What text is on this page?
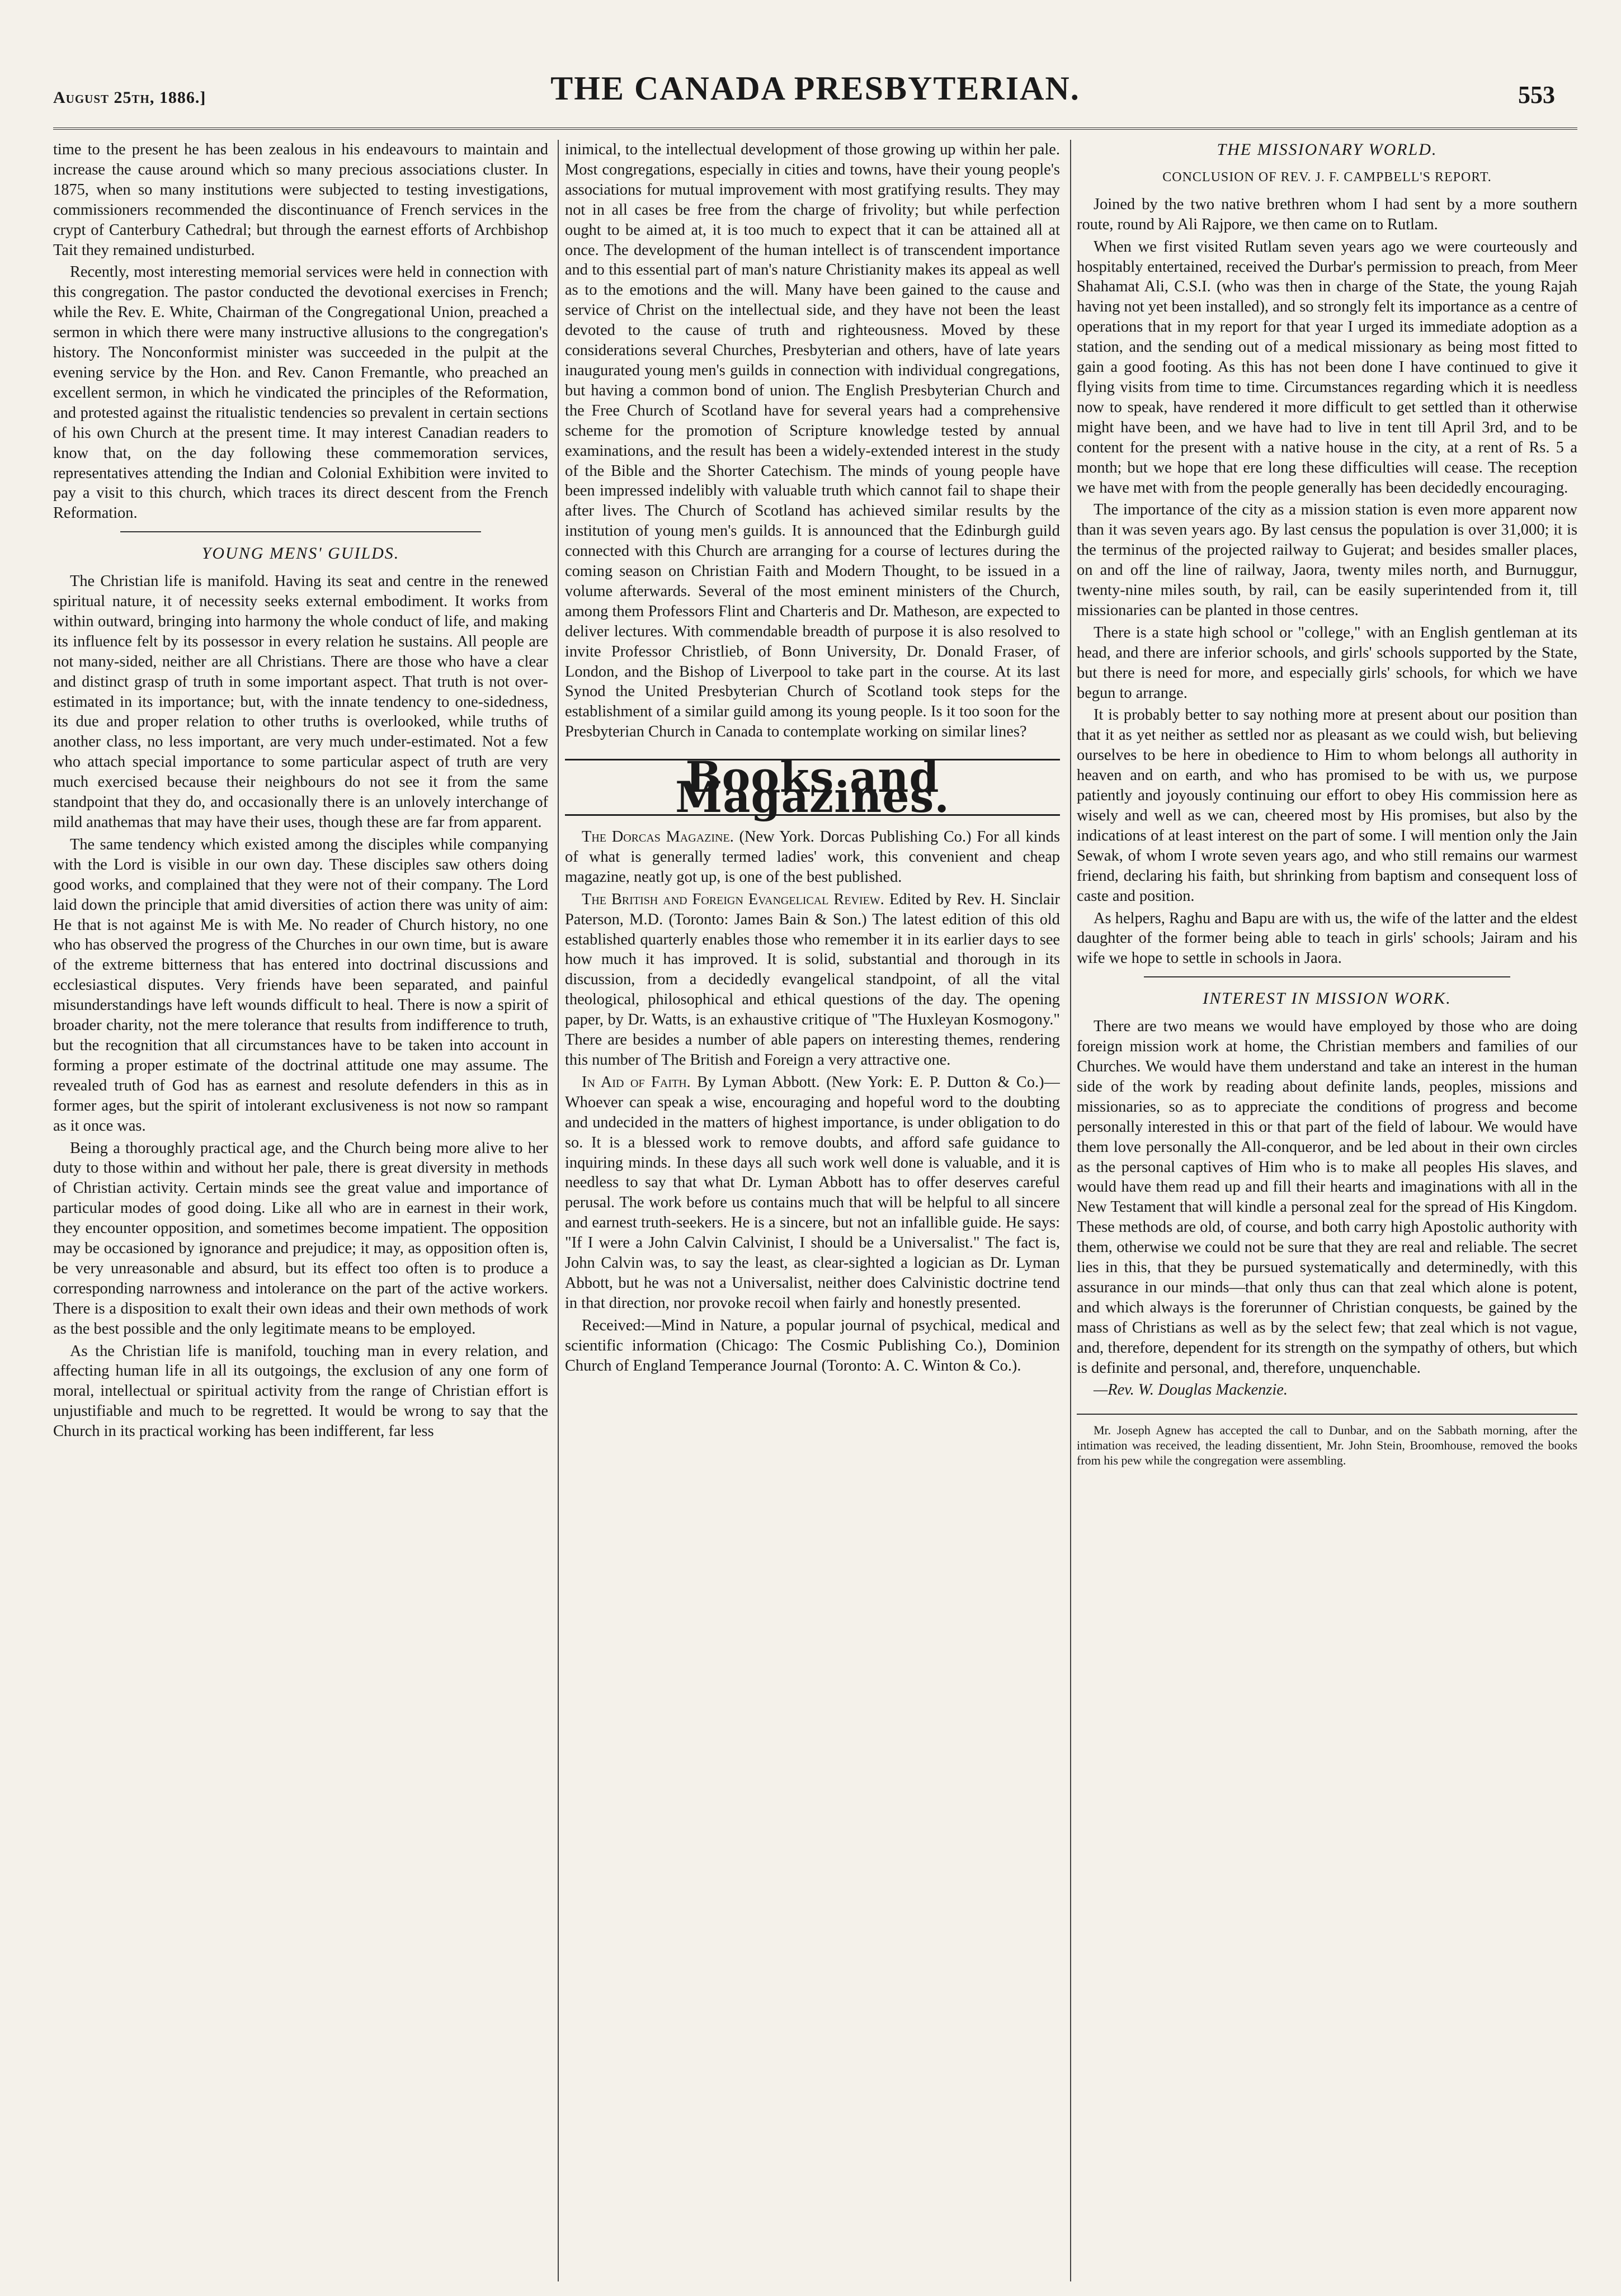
August 25th, 1886.]	THE CANADA PRESBYTERIAN.	553

time to the present he has been zealous in his endeavours to maintain and increase the cause around which so many precious associations cluster. In 1875, when so many institutions were subjected to testing investigations, commissioners recommended the discontinuance of French services in the crypt of Canterbury Cathedral; but through the earnest efforts of Archbishop Tait they remained undisturbed.

Recently, most interesting memorial services were held in connection with this congregation. The pastor conducted the devotional exercises in French; while the Rev. E. White, Chairman of the Congregational Union, preached a sermon in which there were many instructive allusions to the congregation's history. The Nonconformist minister was succeeded in the pulpit at the evening service by the Hon. and Rev. Canon Fremantle, who preached an excellent sermon, in which he vindicated the principles of the Reformation, and protested against the ritualistic tendencies so prevalent in certain sections of his own Church at the present time. It may interest Canadian readers to know that, on the day following these commemoration services, representatives attending the Indian and Colonial Exhibition were invited to pay a visit to this church, which traces its direct descent from the French Reformation.

YOUNG MENS' GUILDS.

The Christian life is manifold. Having its seat and centre in the renewed spiritual nature, it of necessity seeks external embodiment. It works from within outward, bringing into harmony the whole conduct of life, and making its influence felt by its possessor in every relation he sustains. All people are not many-sided, neither are all Christians. There are those who have a clear and distinct grasp of truth in some important aspect. That truth is not over-estimated in its importance; but, with the innate tendency to one-sidedness, its due and proper relation to other truths is overlooked, while truths of another class, no less important, are very much under-estimated. Not a few who attach special importance to some particular aspect of truth are very much exercised because their neighbours do not see it from the same standpoint that they do, and occasionally there is an unlovely interchange of mild anathemas that may have their uses, though these are far from apparent.

The same tendency which existed among the disciples while companying with the Lord is visible in our own day. These disciples saw others doing good works, and complained that they were not of their company. The Lord laid down the principle that amid diversities of action there was unity of aim: He that is not against Me is with Me. No reader of Church history, no one who has observed the progress of the Churches in our own time, but is aware of the extreme bitterness that has entered into doctrinal discussions and ecclesiastical disputes. Very friends have been separated, and painful misunderstandings have left wounds difficult to heal. There is now a spirit of broader charity, not the mere tolerance that results from indifference to truth, but the recognition that all circumstances have to be taken into account in forming a proper estimate of the doctrinal attitude one may assume. The revealed truth of God has as earnest and resolute defenders in this as in former ages, but the spirit of intolerant exclusiveness is not now so rampant as it once was.

Being a thoroughly practical age, and the Church being more alive to her duty to those within and without her pale, there is great diversity in methods of Christian activity. Certain minds see the great value and importance of particular modes of good doing. Like all who are in earnest in their work, they encounter opposition, and sometimes become impatient. The opposition may be occasioned by ignorance and prejudice; it may, as opposition often is, be very unreasonable and absurd, but its effect too often is to produce a corresponding narrowness and intolerance on the part of the active workers. There is a disposition to exalt their own ideas and their own methods of work as the best possible and the only legitimate means to be employed.

As the Christian life is manifold, touching man in every relation, and affecting human life in all its outgoings, the exclusion of any one form of moral, intellectual or spiritual activity from the range of Christian effort is unjustifiable and much to be regretted. It would be wrong to say that the Church in its practical working has been indifferent, far less

inimical, to the intellectual development of those growing up within her pale. Most congregations, especially in cities and towns, have their young people's associations for mutual improvement with most gratifying results. They may not in all cases be free from the charge of frivolity; but while perfection ought to be aimed at, it is too much to expect that it can be attained all at once. The development of the human intellect is of transcendent importance and to this essential part of man's nature Christianity makes its appeal as well as to the emotions and the will. Many have been gained to the cause and service of Christ on the intellectual side, and they have not been the least devoted to the cause of truth and righteousness. Moved by these considerations several Churches, Presbyterian and others, have of late years inaugurated young men's guilds in connection with individual congregations, but having a common bond of union. The English Presbyterian Church and the Free Church of Scotland have for several years had a comprehensive scheme for the promotion of Scripture knowledge tested by annual examinations, and the result has been a widely-extended interest in the study of the Bible and the Shorter Catechism. The minds of young people have been impressed indelibly with valuable truth which cannot fail to shape their after lives. The Church of Scotland has achieved similar results by the institution of young men's guilds. It is announced that the Edinburgh guild connected with this Church are arranging for a course of lectures during the coming season on Christian Faith and Modern Thought, to be issued in a volume afterwards. Several of the most eminent ministers of the Church, among them Professors Flint and Charteris and Dr. Matheson, are expected to deliver lectures. With commendable breadth of purpose it is also resolved to invite Professor Christlieb, of Bonn University, Dr. Donald Fraser, of London, and the Bishop of Liverpool to take part in the course. At its last Synod the United Presbyterian Church of Scotland took steps for the establishment of a similar guild among its young people. Is it too soon for the Presbyterian Church in Canada to contemplate working on similar lines?

Books and Magazines.

The Dorcas Magazine. (New York. Dorcas Publishing Co.) For all kinds of what is generally termed ladies' work, this convenient and cheap magazine, neatly got up, is one of the best published.

The British and Foreign Evangelical Review. Edited by Rev. H. Sinclair Paterson, M.D. (Toronto: James Bain & Son.) The latest edition of this old established quarterly enables those who remember it in its earlier days to see how much it has improved. It is solid, substantial and thorough in its discussion, from a decidedly evangelical standpoint, of all the vital theological, philosophical and ethical questions of the day. The opening paper, by Dr. Watts, is an exhaustive critique of "The Huxleyan Kosmogony." There are besides a number of able papers on interesting themes, rendering this number of The British and Foreign a very attractive one.

In Aid of Faith. By Lyman Abbott. (New York: E. P. Dutton & Co.)—Whoever can speak a wise, encouraging and hopeful word to the doubting and undecided in the matters of highest importance, is under obligation to do so. It is a blessed work to remove doubts, and afford safe guidance to inquiring minds. In these days all such work well done is valuable, and it is needless to say that what Dr. Lyman Abbott has to offer deserves careful perusal. The work before us contains much that will be helpful to all sincere and earnest truth-seekers. He is a sincere, but not an infallible guide. He says: "If I were a John Calvin Calvinist, I should be a Universalist." The fact is, John Calvin was, to say the least, as clear-sighted a logician as Dr. Lyman Abbott, but he was not a Universalist, neither does Calvinistic doctrine tend in that direction, nor provoke recoil when fairly and honestly presented.

Received:—Mind in Nature, a popular journal of psychical, medical and scientific information (Chicago: The Cosmic Publishing Co.), Dominion Church of England Temperance Journal (Toronto: A. C. Winton & Co.).

THE MISSIONARY WORLD.

CONCLUSION OF REV. J. F. CAMPBELL'S REPORT.

Joined by the two native brethren whom I had sent by a more southern route, round by Ali Rajpore, we then came on to Rutlam.

When we first visited Rutlam seven years ago we were courteously and hospitably entertained, received the Durbar's permission to preach, from Meer Shahamat Ali, C.S.I. (who was then in charge of the State, the young Rajah having not yet been installed), and so strongly felt its importance as a centre of operations that in my report for that year I urged its immediate adoption as a station, and the sending out of a medical missionary as being most fitted to gain a good footing. As this has not been done I have continued to give it flying visits from time to time. Circumstances regarding which it is needless now to speak, have rendered it more difficult to get settled than it otherwise might have been, and we have had to live in tent till April 3rd, and to be content for the present with a native house in the city, at a rent of Rs. 5 a month; but we hope that ere long these difficulties will cease. The reception we have met with from the people generally has been decidedly encouraging.

The importance of the city as a mission station is even more apparent now than it was seven years ago. By last census the population is over 31,000; it is the terminus of the projected railway to Gujerat; and besides smaller places, on and off the line of railway, Jaora, twenty miles north, and Burnuggur, twenty-nine miles south, by rail, can be easily superintended from it, till missionaries can be planted in those centres.

There is a state high school or "college," with an English gentleman at its head, and there are inferior schools, and girls' schools supported by the State, but there is need for more, and especially girls' schools, for which we have begun to arrange.

It is probably better to say nothing more at present about our position than that it as yet neither as settled nor as pleasant as we could wish, but believing ourselves to be here in obedience to Him to whom belongs all authority in heaven and on earth, and who has promised to be with us, we purpose patiently and joyously continuing our effort to obey His commission here as wisely and well as we can, cheered most by His promises, but also by the indications of at least interest on the part of some. I will mention only the Jain Sewak, of whom I wrote seven years ago, and who still remains our warmest friend, declaring his faith, but shrinking from baptism and consequent loss of caste and position.

As helpers, Raghu and Bapu are with us, the wife of the latter and the eldest daughter of the former being able to teach in girls' schools; Jairam and his wife we hope to settle in schools in Jaora.

INTEREST IN MISSION WORK.

There are two means we would have employed by those who are doing foreign mission work at home, the Christian members and families of our Churches. We would have them understand and take an interest in the human side of the work by reading about definite lands, peoples, missions and missionaries, so as to appreciate the conditions of progress and become personally interested in this or that part of the field of labour. We would have them love personally the All-conqueror, and be led about in their own circles as the personal captives of Him who is to make all peoples His slaves, and would have them read up and fill their hearts and imaginations with all in the New Testament that will kindle a personal zeal for the spread of His Kingdom. These methods are old, of course, and both carry high Apostolic authority with them, otherwise we could not be sure that they are real and reliable. The secret lies in this, that they be pursued systematically and determinedly, with this assurance in our minds—that only thus can that zeal which alone is potent, and which always is the forerunner of Christian conquests, be gained by the mass of Christians as well as by the select few; that zeal which is not vague, and, therefore, dependent for its strength on the sympathy of others, but which is definite and personal, and, therefore, unquenchable.

—Rev. W. Douglas Mackenzie.

Mr. Joseph Agnew has accepted the call to Dunbar, and on the Sabbath morning, after the intimation was received, the leading dissentient, Mr. John Stein, Broomhouse, removed the books from his pew while the congregation were assembling.
